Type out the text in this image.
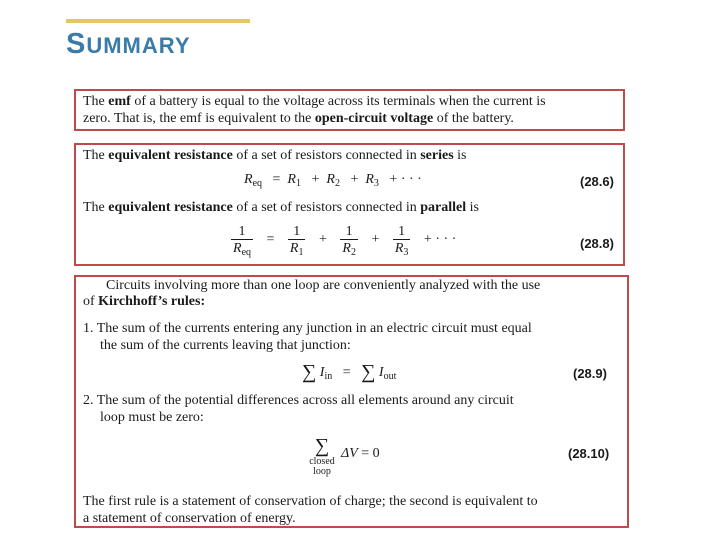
SUMMARY
The emf of a battery is equal to the voltage across its terminals when the current is
zero. That is, the emf is equivalent to the open-circuit voltage of the battery.
The equivalent resistance of a set of resistors connected in series is
$R_{eq} = R_1 + R_2 + R_3$ + · · ·	(28.6)
The equivalent resistance of a set of resistors connected in parallel is
$\frac{1}{R_{eq}} = \frac{1}{R_1} + \frac{1}{R_2} + \frac{1}{R_3}$ + · · ·	(28.8)
Circuits involving more than one loop are conveniently analyzed with the use
of Kirchhoff’s rules:
1. The sum of the currents entering any junction in an electric circuit must equal
the sum of the currents leaving that junction:
∑ $I_{in}$ = ∑ $I_{out}$	(28.9)
2. The sum of the potential differences across all elements around any circuit
loop must be zero:
∑
closed
loop
ΔV = 0	(28.10)
The first rule is a statement of conservation of charge; the second is equivalent to
a statement of conservation of energy.
